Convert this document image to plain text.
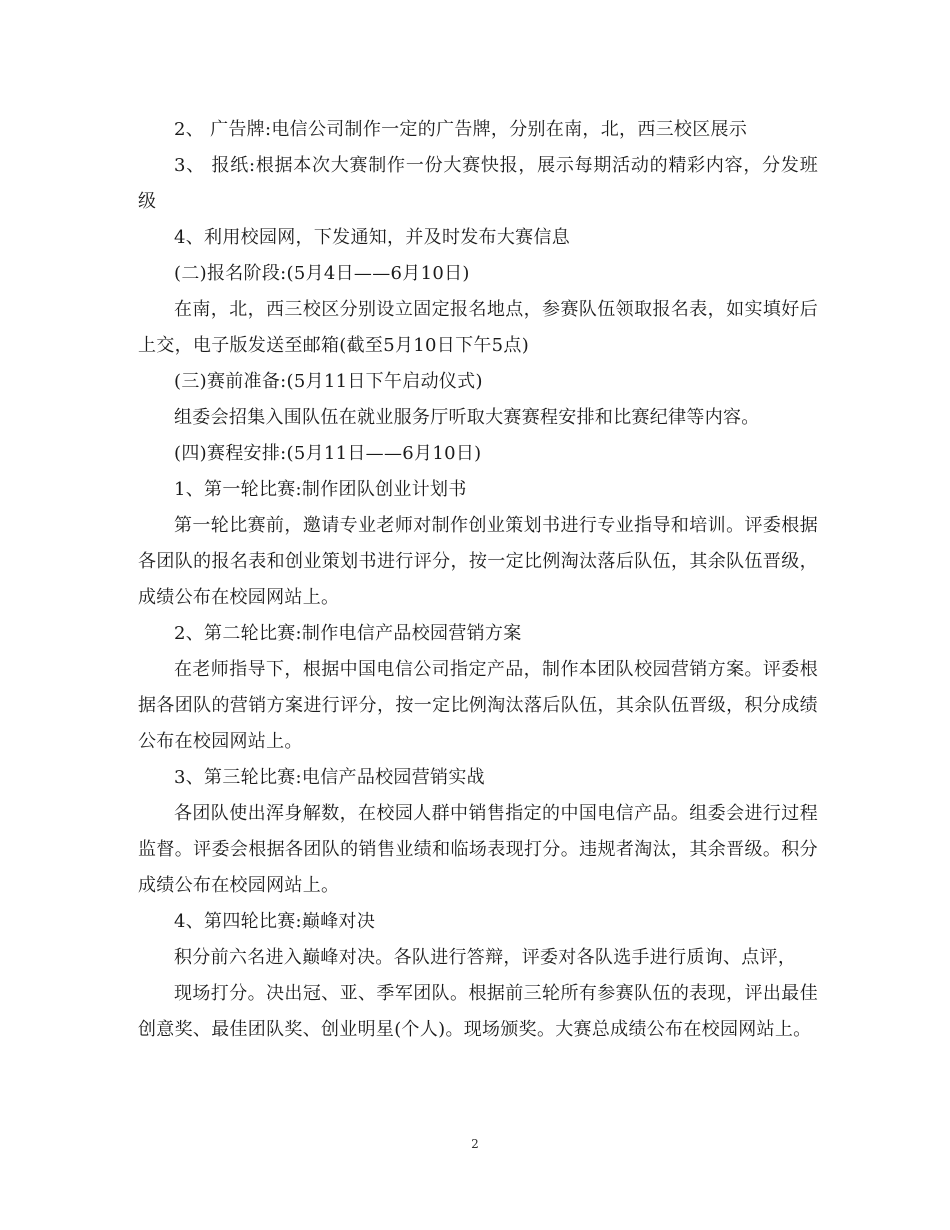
2、 广告牌:电信公司制作一定的广告牌，分别在南，北，西三校区展示

3、 报纸:根据本次大赛制作一份大赛快报，展示每期活动的精彩内容，分发班级

4、利用校园网，下发通知，并及时发布大赛信息

(二)报名阶段:(5月4日——6月10日)

在南，北，西三校区分别设立固定报名地点，参赛队伍领取报名表，如实填好后上交，电子版发送至邮箱(截至5月10日下午5点)

(三)赛前准备:(5月11日下午启动仪式)

组委会招集入围队伍在就业服务厅听取大赛赛程安排和比赛纪律等内容。

(四)赛程安排:(5月11日——6月10日)

1、第一轮比赛:制作团队创业计划书

第一轮比赛前，邀请专业老师对制作创业策划书进行专业指导和培训。评委根据各团队的报名表和创业策划书进行评分，按一定比例淘汰落后队伍，其余队伍晋级，成绩公布在校园网站上。

2、第二轮比赛:制作电信产品校园营销方案

在老师指导下，根据中国电信公司指定产品，制作本团队校园营销方案。评委根据各团队的营销方案进行评分，按一定比例淘汰落后队伍，其余队伍晋级，积分成绩公布在校园网站上。

3、第三轮比赛:电信产品校园营销实战

各团队使出浑身解数，在校园人群中销售指定的中国电信产品。组委会进行过程监督。评委会根据各团队的销售业绩和临场表现打分。违规者淘汰，其余晋级。积分成绩公布在校园网站上。

4、第四轮比赛:巅峰对决

积分前六名进入巅峰对决。各队进行答辩，评委对各队选手进行质询、点评，

现场打分。决出冠、亚、季军团队。根据前三轮所有参赛队伍的表现，评出最佳创意奖、最佳团队奖、创业明星(个人)。现场颁奖。大赛总成绩公布在校园网站上。

2
